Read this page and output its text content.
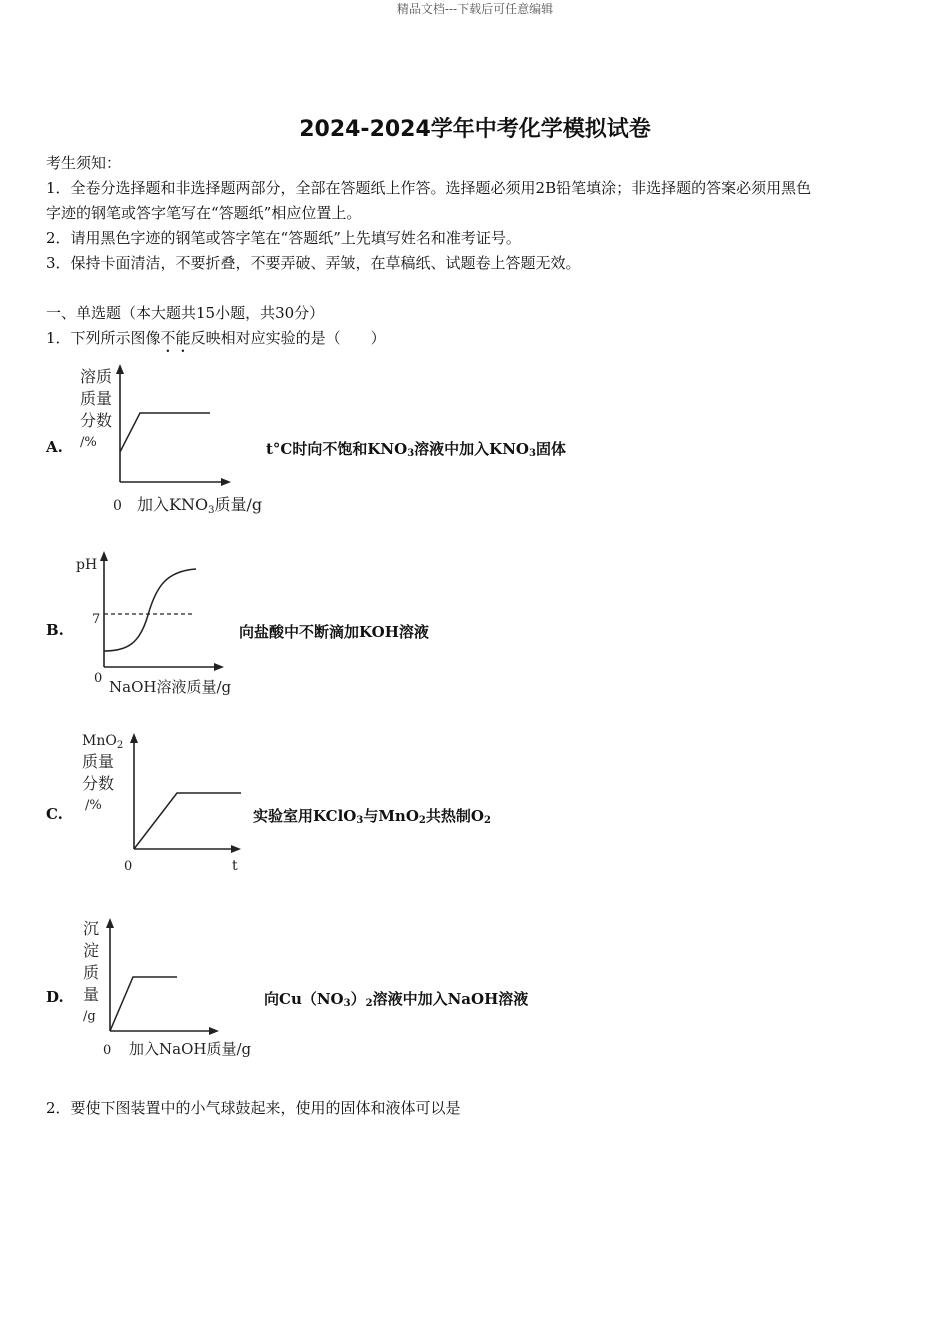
精品文档---下载后可任意编辑
2024-2024学年中考化学模拟试卷
考生须知：
1．全卷分选择题和非选择题两部分，全部在答题纸上作答。选择题必须用2B铅笔填涂；非选择题的答案必须用黑色
字迹的钢笔或答字笔写在“答题纸”相应位置上。
2．请用黑色字迹的钢笔或答字笔在“答题纸”上先填写姓名和准考证号。
3．保持卡面清洁，不要折叠，不要弄破、弄皱，在草稿纸、试题卷上答题无效。
一、单选题（本大题共15小题，共30分）
1．下列所示图像不能反映相对应实验的是（　　）
A.
溶质
质量
分数
/%
0 加入KNO3质量/g
t°C时向不饱和$KNO_3$溶液中加入$KNO_3$固体
B.
pH
7
0 NaOH溶液质量/g
向盐酸中不断滴加KOH溶液
C.
MnO$_2$
质量
分数
/%
0	t
实验室用KClO$_3$与MnO$_2$共热制$O_2$
D.
沉
淀
质
量
/g
0 加入NaOH质量/g
向$Cu(NO_3)_2$溶液中加入NaOH溶液
2．要使下图装置中的小气球鼓起来，使用的固体和液体可以是
